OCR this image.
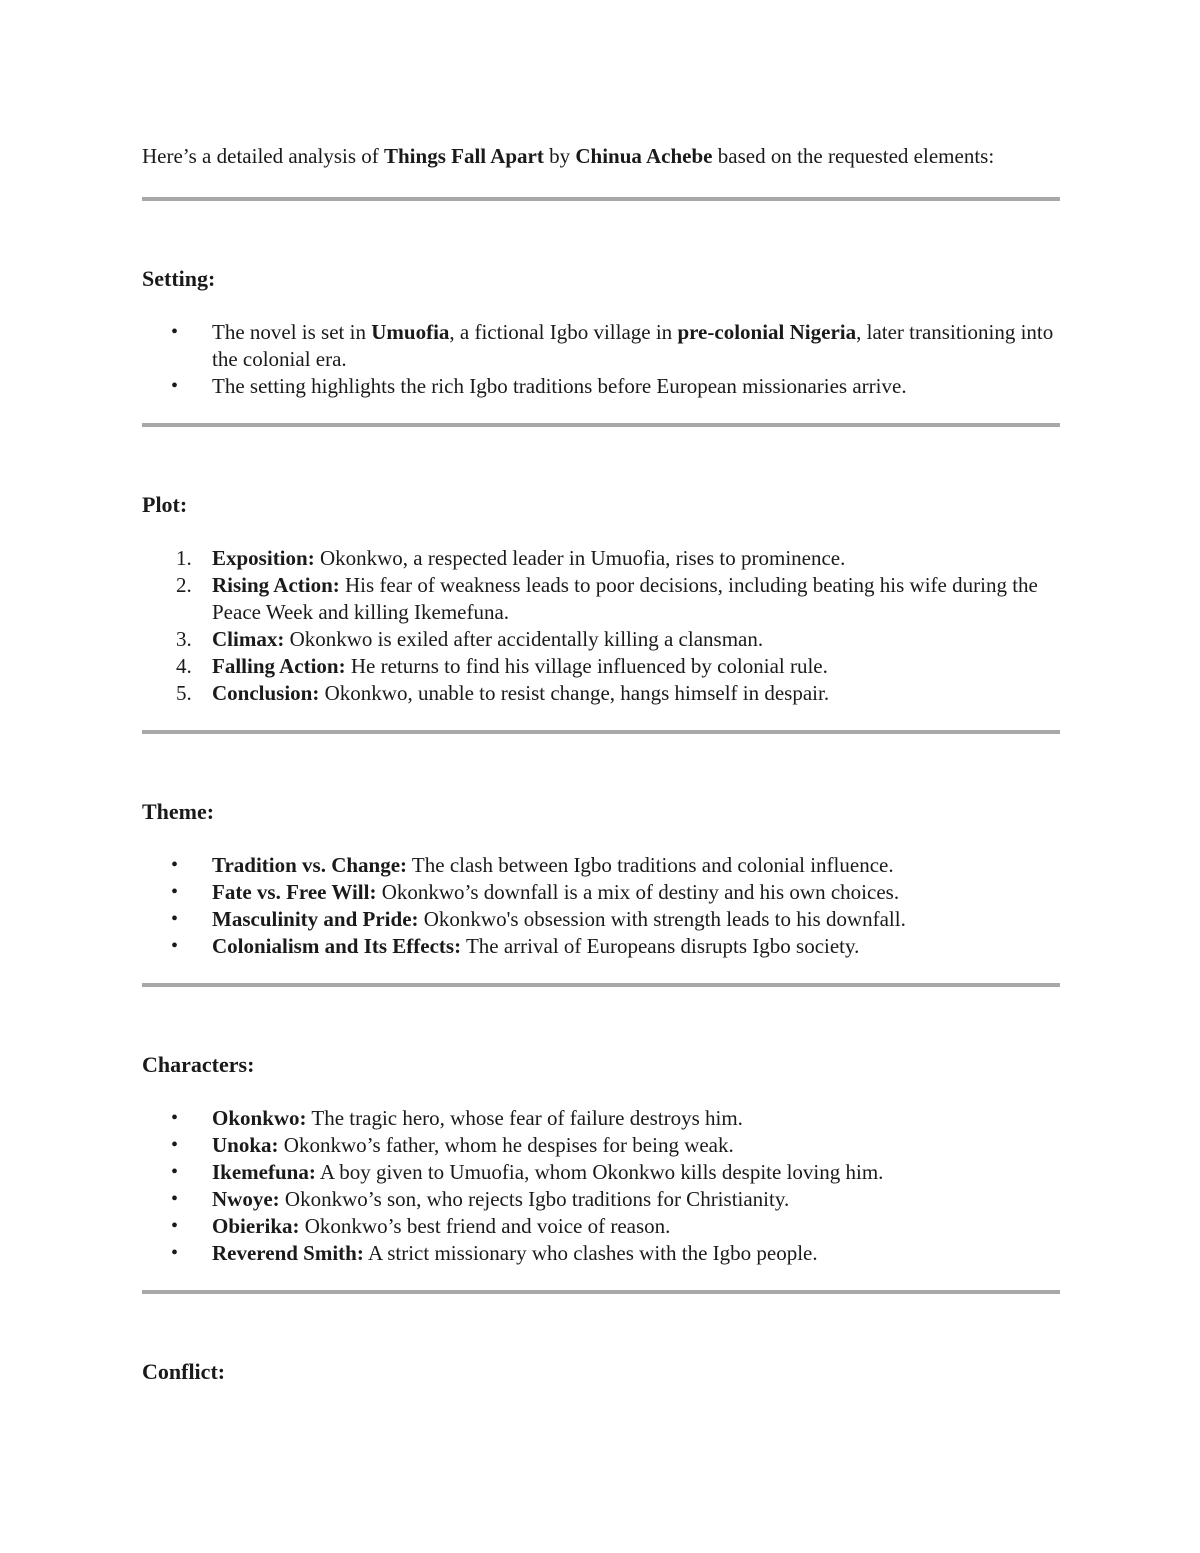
Here’s a detailed analysis of Things Fall Apart by Chinua Achebe based on the requested elements:

Setting:
• The novel is set in Umuofia, a fictional Igbo village in pre-colonial Nigeria, later transitioning into the colonial era.
• The setting highlights the rich Igbo traditions before European missionaries arrive.
Plot:
1. Exposition: Okonkwo, a respected leader in Umuofia, rises to prominence.
2. Rising Action: His fear of weakness leads to poor decisions, including beating his wife during the Peace Week and killing Ikemefuna.
3. Climax: Okonkwo is exiled after accidentally killing a clansman.
4. Falling Action: He returns to find his village influenced by colonial rule.
5. Conclusion: Okonkwo, unable to resist change, hangs himself in despair.
Theme:
• Tradition vs. Change: The clash between Igbo traditions and colonial influence.
• Fate vs. Free Will: Okonkwo’s downfall is a mix of destiny and his own choices.
• Masculinity and Pride: Okonkwo's obsession with strength leads to his downfall.
• Colonialism and Its Effects: The arrival of Europeans disrupts Igbo society.
Characters:
• Okonkwo: The tragic hero, whose fear of failure destroys him.
• Unoka: Okonkwo’s father, whom he despises for being weak.
• Ikemefuna: A boy given to Umuofia, whom Okonkwo kills despite loving him.
• Nwoye: Okonkwo’s son, who rejects Igbo traditions for Christianity.
• Obierika: Okonkwo’s best friend and voice of reason.
• Reverend Smith: A strict missionary who clashes with the Igbo people.
Conflict:
